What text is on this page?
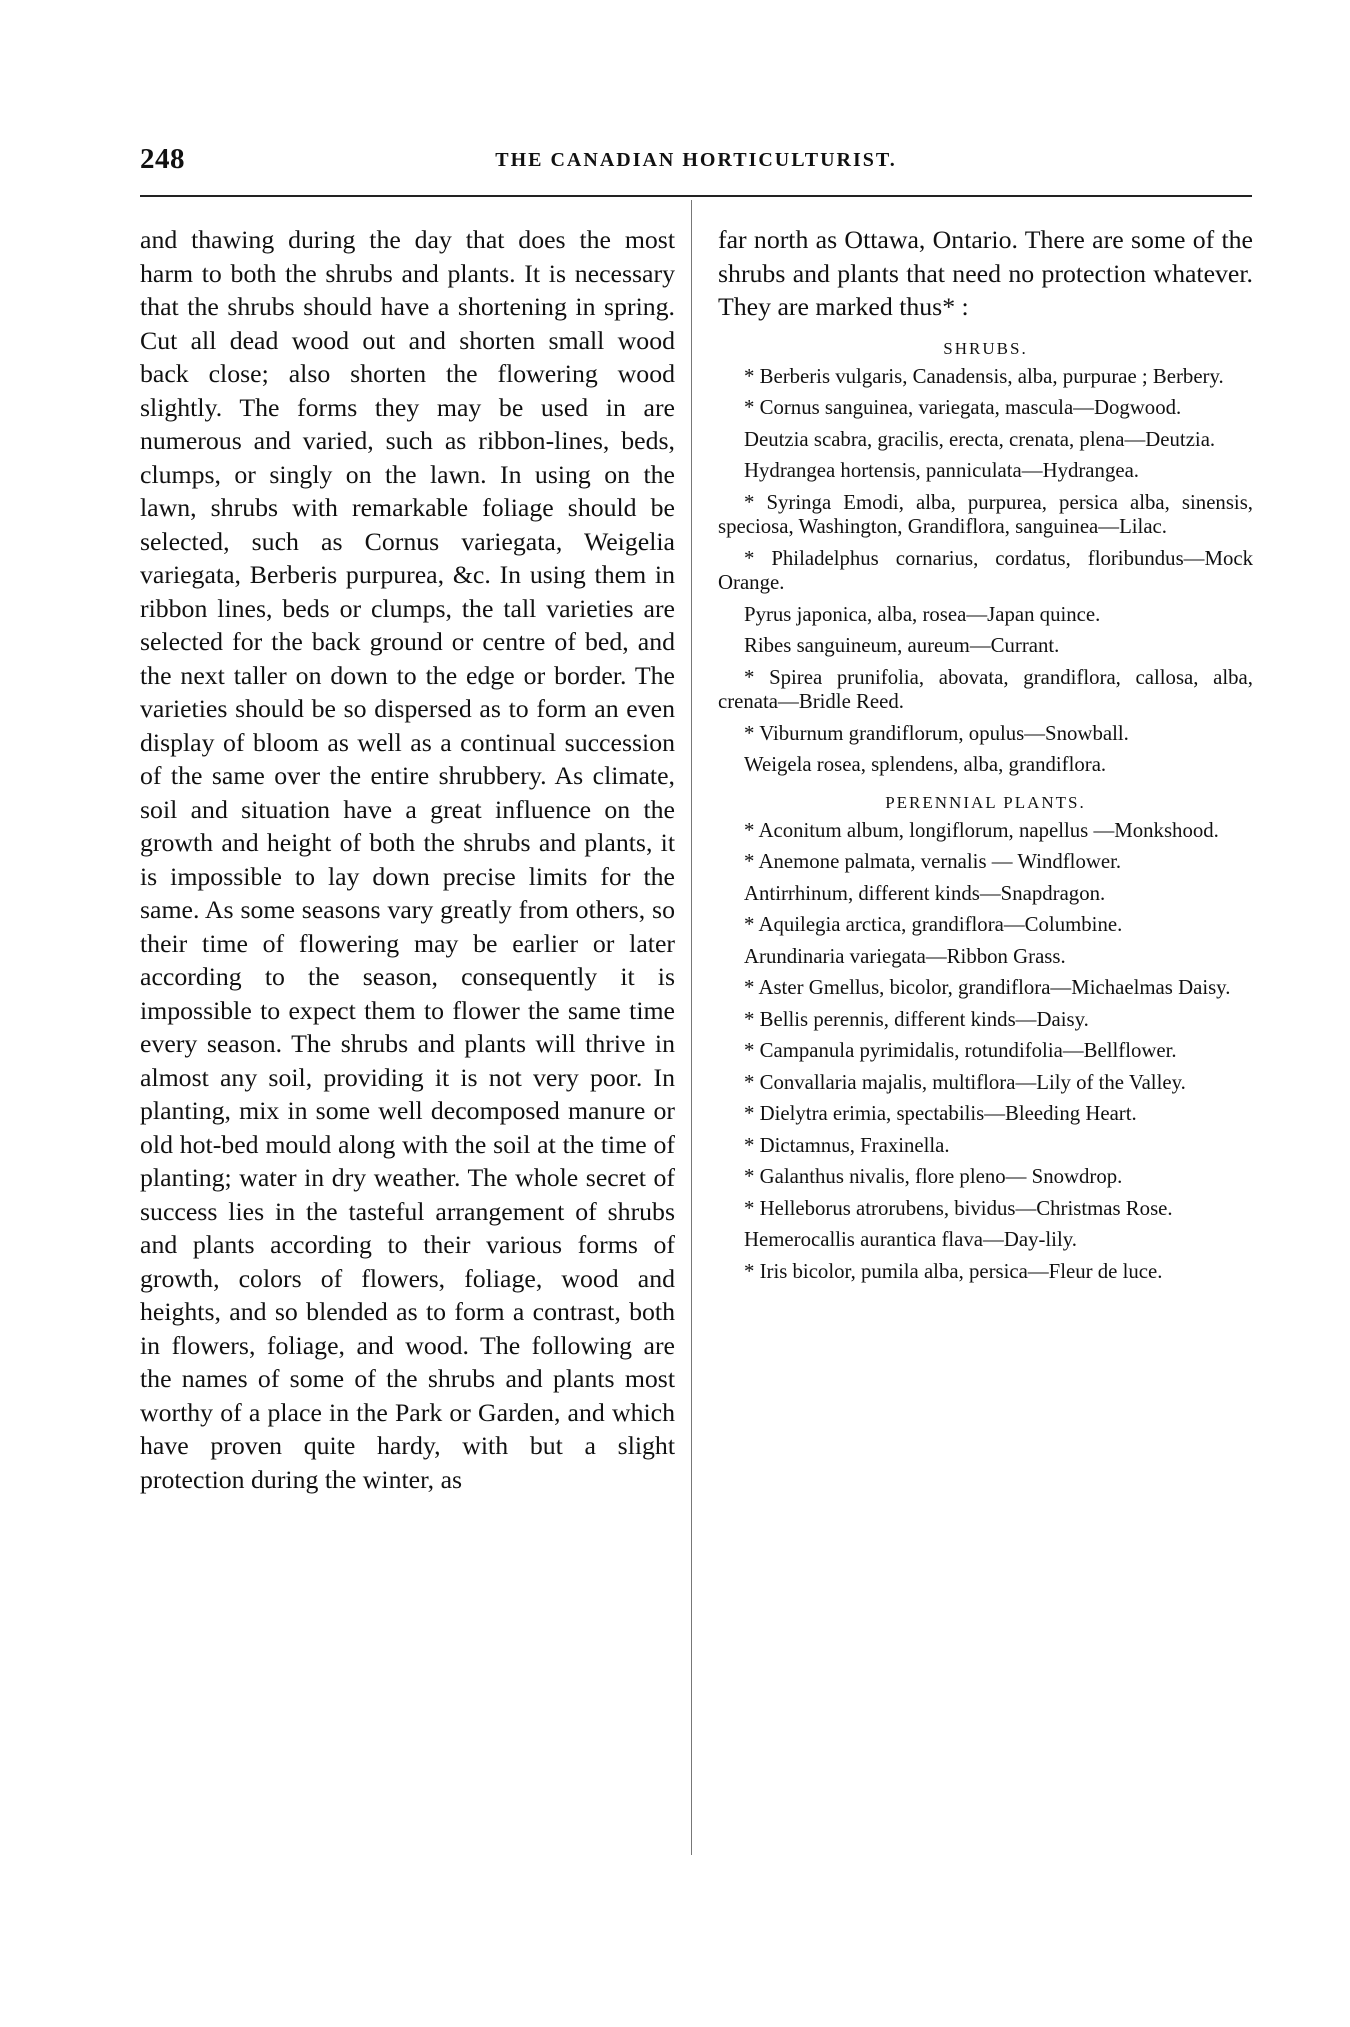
248	THE CANADIAN HORTICULTURIST.

and thawing during the day that does the most harm to both the shrubs and plants. It is necessary that the shrubs should have a shortening in spring. Cut all dead wood out and shorten small wood back close; also shorten the flowering wood slightly. The forms they may be used in are numerous and varied, such as ribbon-lines, beds, clumps, or singly on the lawn. In using on the lawn, shrubs with remarkable foliage should be selected, such as Cornus variegata, Weigelia variegata, Berberis purpurea, &c. In using them in ribbon lines, beds or clumps, the tall varieties are selected for the back ground or centre of bed, and the next taller on down to the edge or border. The varieties should be so dispersed as to form an even display of bloom as well as a continual succession of the same over the entire shrubbery. As climate, soil and situation have a great influence on the growth and height of both the shrubs and plants, it is impossible to lay down precise limits for the same. As some seasons vary greatly from others, so their time of flowering may be earlier or later according to the season, consequently it is impossible to expect them to flower the same time every season. The shrubs and plants will thrive in almost any soil, providing it is not very poor. In planting, mix in some well decomposed manure or old hot-bed mould along with the soil at the time of planting; water in dry weather. The whole secret of success lies in the tasteful arrangement of shrubs and plants according to their various forms of growth, colors of flowers, foliage, wood and heights, and so blended as to form a contrast, both in flowers, foliage, and wood. The following are the names of some of the shrubs and plants most worthy of a place in the Park or Garden, and which have proven quite hardy, with but a slight protection during the winter, as

far north as Ottawa, Ontario. There are some of the shrubs and plants that need no protection whatever. They are marked thus* :

SHRUBS.

* Berberis vulgaris, Canadensis, alba, purpurae ; Berbery.

* Cornus sanguinea, variegata, mascula—Dogwood.

Deutzia scabra, gracilis, erecta, crenata, plena—Deutzia.

Hydrangea hortensis, panniculata—Hydrangea.

* Syringa Emodi, alba, purpurea, persica alba, sinensis, speciosa, Washington, Grandiflora, sanguinea—Lilac.

* Philadelphus cornarius, cordatus, floribundus—Mock Orange.

Pyrus japonica, alba, rosea—Japan quince.

Ribes sanguineum, aureum—Currant.

* Spirea prunifolia, abovata, grandiflora, callosa, alba, crenata—Bridle Reed.

* Viburnum grandiflorum, opulus—Snowball.

Weigela rosea, splendens, alba, grandiflora.

PERENNIAL PLANTS.

* Aconitum album, longiflorum, napellus —Monkshood.

* Anemone palmata, vernalis — Windflower.

Antirrhinum, different kinds—Snapdragon.

* Aquilegia arctica, grandiflora—Columbine.

Arundinaria variegata—Ribbon Grass.

* Aster Gmellus, bicolor, grandiflora—Michaelmas Daisy.

* Bellis perennis, different kinds—Daisy.

* Campanula pyrimidalis, rotundifolia—Bellflower.

* Convallaria majalis, multiflora—Lily of the Valley.

* Dielytra erimia, spectabilis—Bleeding Heart.

* Dictamnus, Fraxinella.

* Galanthus nivalis, flore pleno— Snowdrop.

* Helleborus atrorubens, bividus—Christmas Rose.

Hemerocallis aurantica flava—Day-lily.

* Iris bicolor, pumila alba, persica—Fleur de luce.
